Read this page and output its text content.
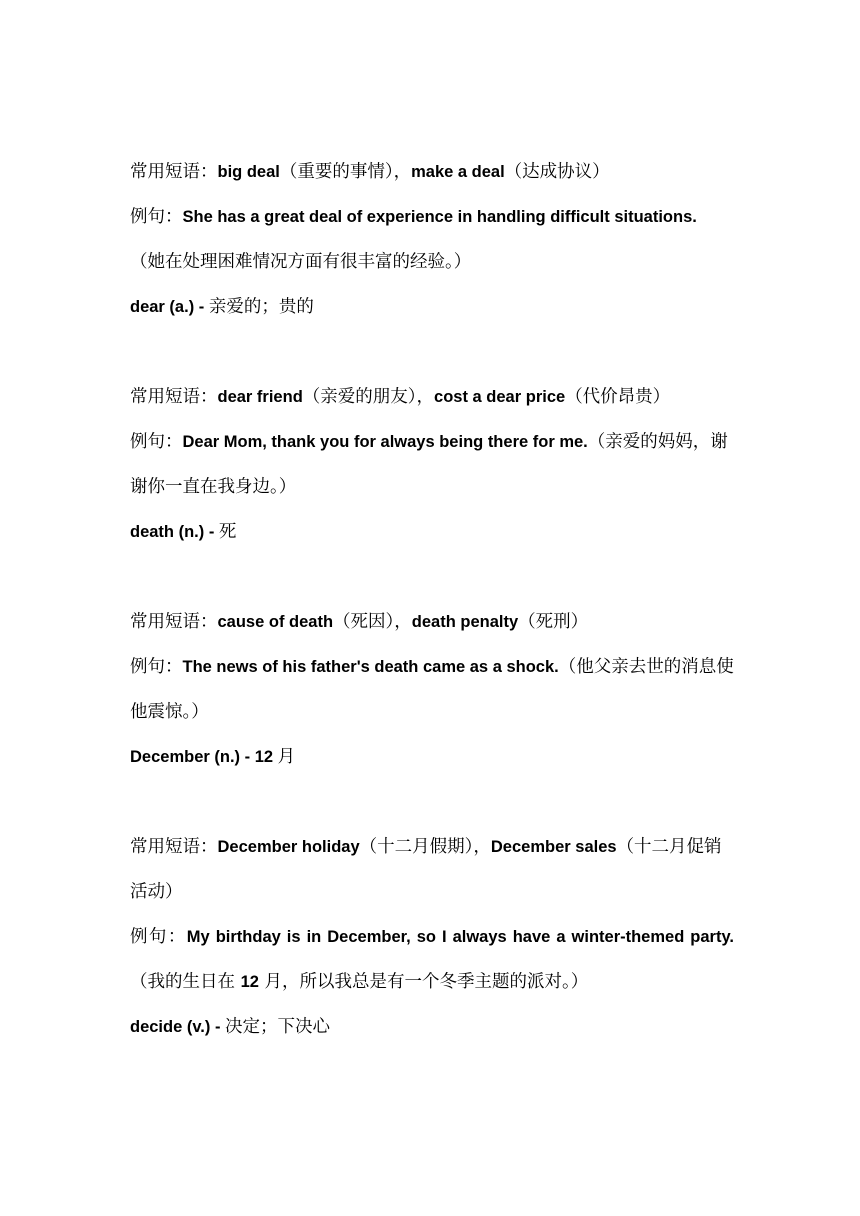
常用短语：big deal（重要的事情），make a deal（达成协议）
例句：She has a great deal of experience in handling difficult situations.
（她在处理困难情况方面有很丰富的经验。）
dear (a.) - 亲爱的；贵的
常用短语：dear friend（亲爱的朋友），cost a dear price（代价昂贵）
例句：Dear Mom, thank you for always being there for me.（亲爱的妈妈，谢谢你一直在我身边。）
death (n.) - 死
常用短语：cause of death（死因），death penalty（死刑）
例句：The news of his father's death came as a shock.（他父亲去世的消息使他震惊。）
December (n.) - 12 月
常用短语：December holiday（十二月假期），December sales（十二月促销活动）
例句：My birthday is in December, so I always have a winter-themed party.（我的生日在 12 月，所以我总是有一个冬季主题的派对。）
decide (v.) - 决定；下决心
